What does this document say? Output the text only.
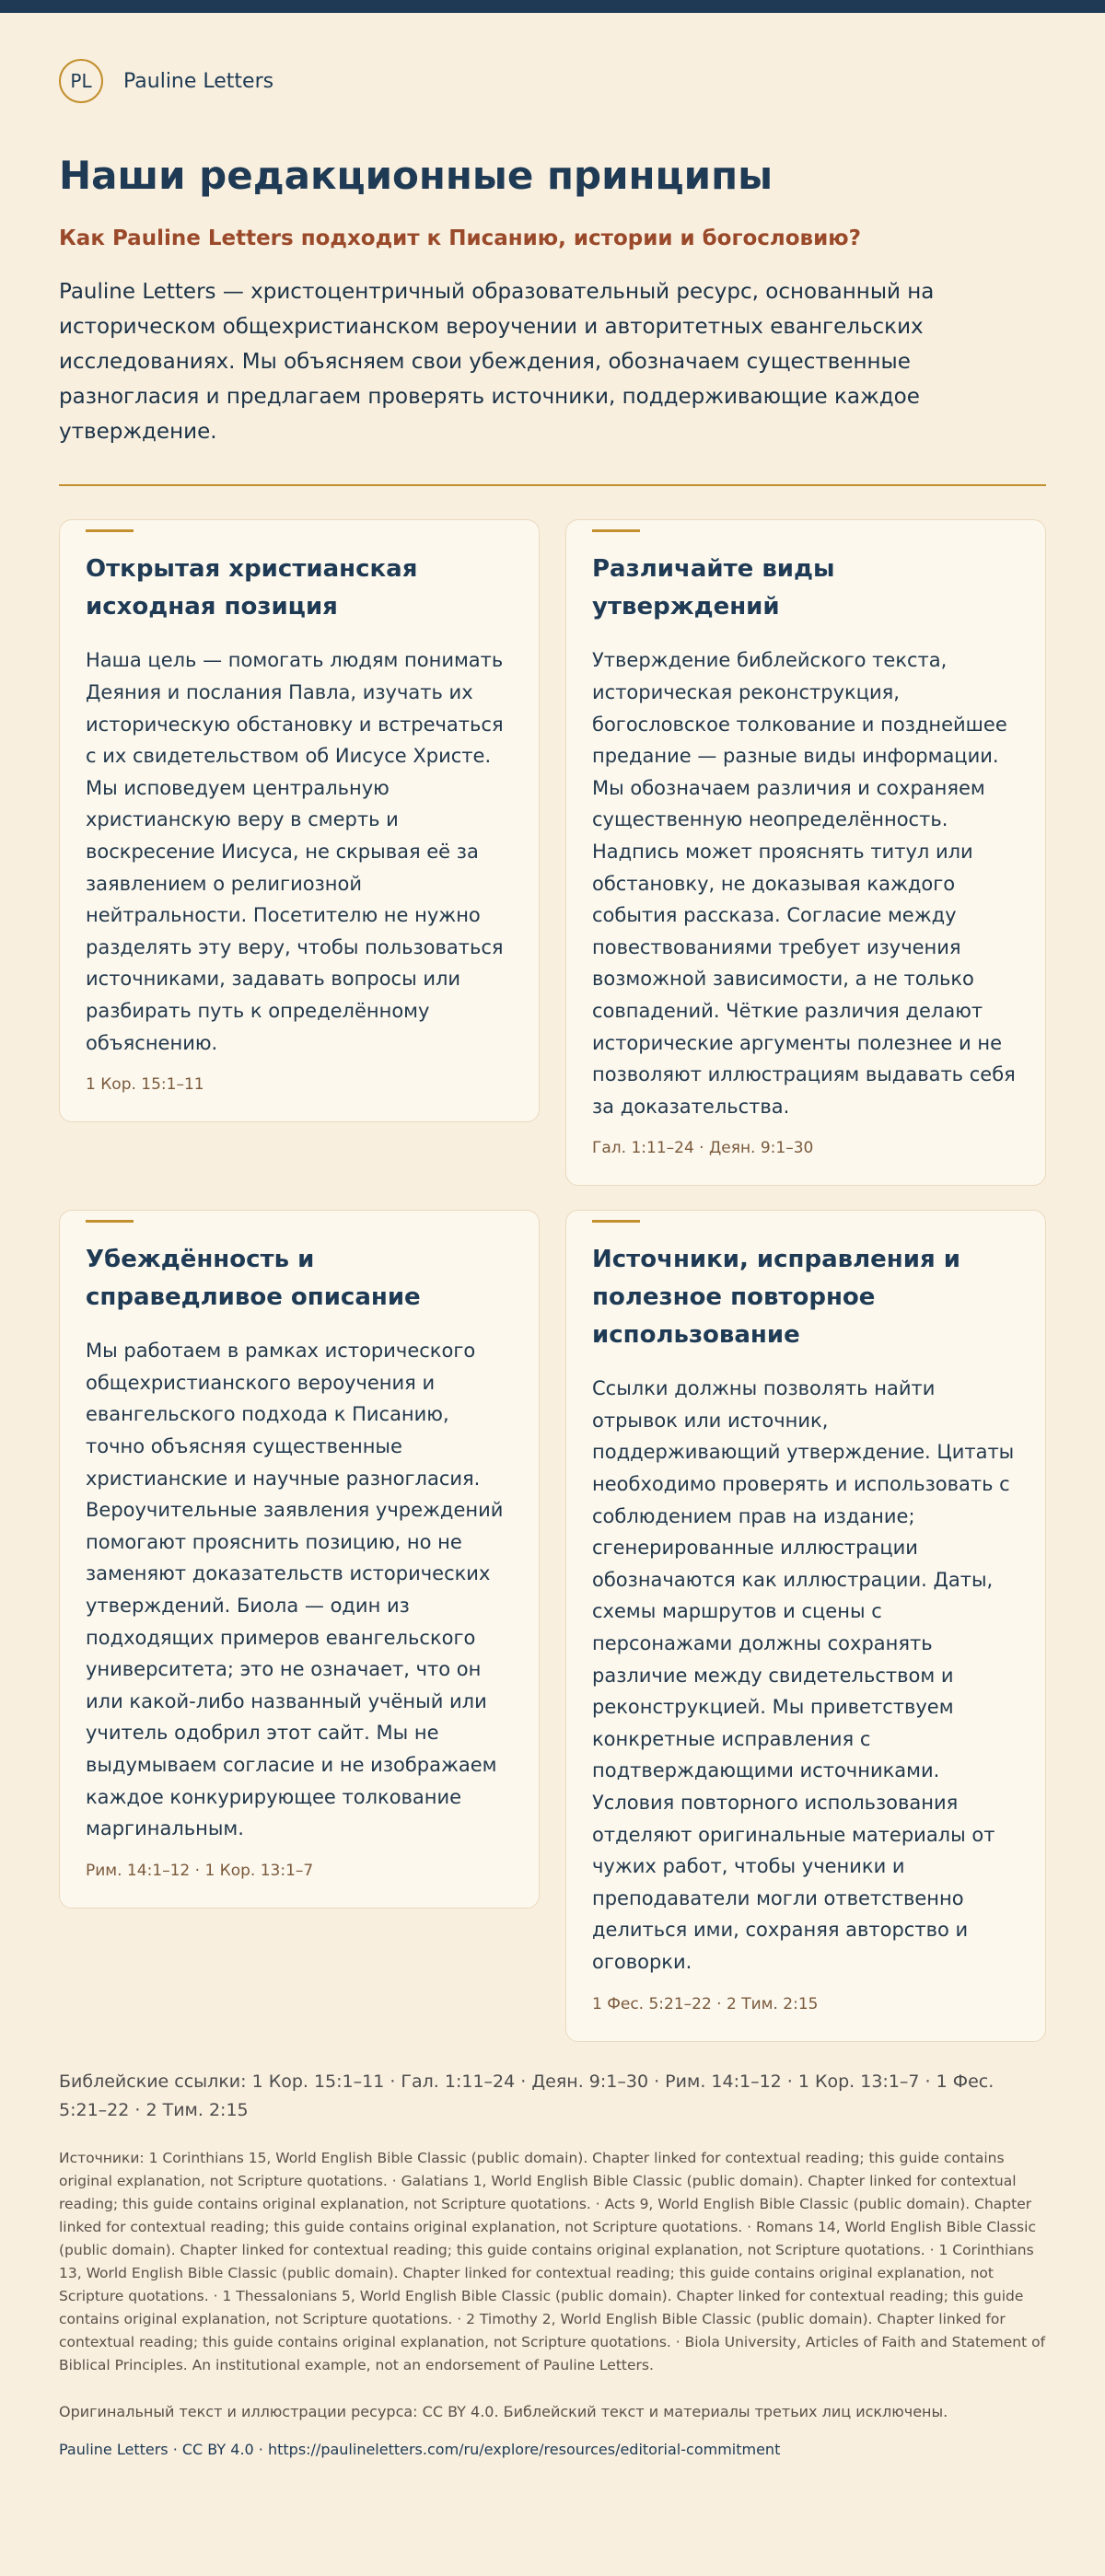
PL	Pauline Letters
Наши редакционные принципы
Как Pauline Letters подходит к Писанию, истории и богословию?
Pauline Letters — христоцентричный образовательный ресурс, основанный на историческом общехристианском вероучении и авторитетных евангельских исследованиях. Мы объясняем свои убеждения, обозначаем существенные разногласия и предлагаем проверять источники, поддерживающие каждое утверждение.
Открытая христианская исходная позиция

Наша цель — помогать людям понимать Деяния и послания Павла, изучать их историческую обстановку и встречаться с их свидетельством об Иисусе Христе. Мы исповедуем центральную христианскую веру в смерть и воскресение Иисуса, не скрывая её за заявлением о религиозной нейтральности. Посетителю не нужно разделять эту веру, чтобы пользоваться источниками, задавать вопросы или разбирать путь к определённому объяснению.

1 Кор. 15:1–11
Различайте виды утверждений

Утверждение библейского текста, историческая реконструкция, богословское толкование и позднейшее предание — разные виды информации. Мы обозначаем различия и сохраняем существенную неопределённость. Надпись может прояснять титул или обстановку, не доказывая каждого события рассказа. Согласие между повествованиями требует изучения возможной зависимости, а не только совпадений. Чёткие различия делают исторические аргументы полезнее и не позволяют иллюстрациям выдавать себя за доказательства.

Гал. 1:11–24 · Деян. 9:1–30
Убеждённость и справедливое описание

Мы работаем в рамках исторического общехристианского вероучения и евангельского подхода к Писанию, точно объясняя существенные христианские и научные разногласия. Вероучительные заявления учреждений помогают прояснить позицию, но не заменяют доказательств исторических утверждений. Биола — один из подходящих примеров евангельского университета; это не означает, что он или какой-либо названный учёный или учитель одобрил этот сайт. Мы не выдумываем согласие и не изображаем каждое конкурирующее толкование маргинальным.

Рим. 14:1–12 · 1 Кор. 13:1–7
Источники, исправления и полезное повторное использование

Ссылки должны позволять найти отрывок или источник, поддерживающий утверждение. Цитаты необходимо проверять и использовать с соблюдением прав на издание; сгенерированные иллюстрации обозначаются как иллюстрации. Даты, схемы маршрутов и сцены с персонажами должны сохранять различие между свидетельством и реконструкцией. Мы приветствуем конкретные исправления с подтверждающими источниками. Условия повторного использования отделяют оригинальные материалы от чужих работ, чтобы ученики и преподаватели могли ответственно делиться ими, сохраняя авторство и оговорки.

1 Фес. 5:21–22 · 2 Тим. 2:15
Библейские ссылки: 1 Кор. 15:1–11 · Гал. 1:11–24 · Деян. 9:1–30 · Рим. 14:1–12 · 1 Кор. 13:1–7 · 1 Фес. 5:21–22 · 2 Тим. 2:15
Источники: 1 Corinthians 15, World English Bible Classic (public domain). Chapter linked for contextual reading; this guide contains original explanation, not Scripture quotations. · Galatians 1, World English Bible Classic (public domain). Chapter linked for contextual reading; this guide contains original explanation, not Scripture quotations. · Acts 9, World English Bible Classic (public domain). Chapter linked for contextual reading; this guide contains original explanation, not Scripture quotations. · Romans 14, World English Bible Classic (public domain). Chapter linked for contextual reading; this guide contains original explanation, not Scripture quotations. · 1 Corinthians 13, World English Bible Classic (public domain). Chapter linked for contextual reading; this guide contains original explanation, not Scripture quotations. · 1 Thessalonians 5, World English Bible Classic (public domain). Chapter linked for contextual reading; this guide contains original explanation, not Scripture quotations. · 2 Timothy 2, World English Bible Classic (public domain). Chapter linked for contextual reading; this guide contains original explanation, not Scripture quotations. · Biola University, Articles of Faith and Statement of Biblical Principles. An institutional example, not an endorsement of Pauline Letters.
Оригинальный текст и иллюстрации ресурса: CC BY 4.0. Библейский текст и материалы третьих лиц исключены.
Pauline Letters · CC BY 4.0 · https://paulineletters.com/ru/explore/resources/editorial-commitment
